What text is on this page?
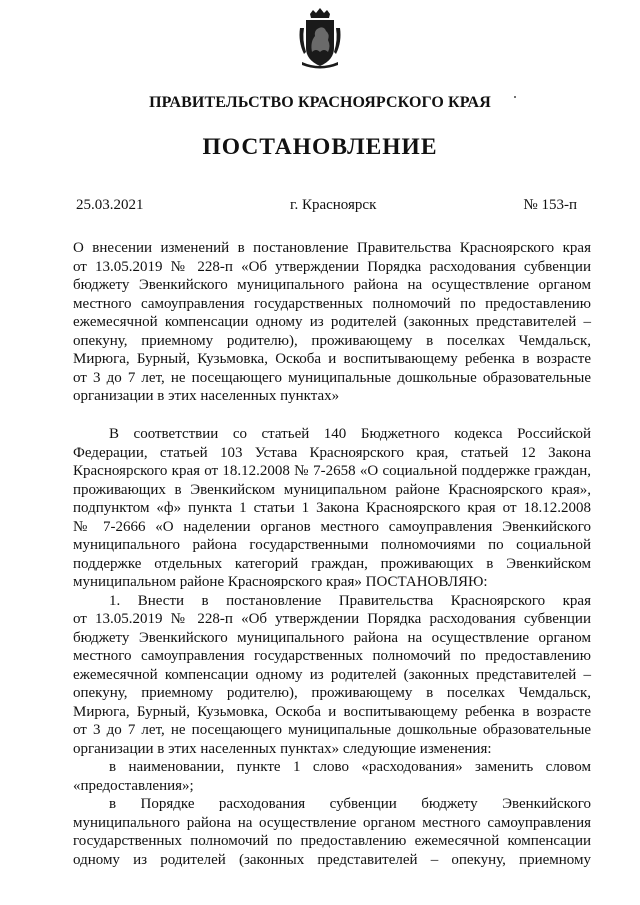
ПРАВИТЕЛЬСТВО КРАСНОЯРСКОГО КРАЯ
ПОСТАНОВЛЕНИЕ
25.03.2021	г. Красноярск	№ 153-п
О внесении изменений в постановление Правительства Красноярского края
от 13.05.2019 № 228-п «Об утверждении Порядка расходования субвенции
бюджету Эвенкийского муниципального района на осуществление органом
местного самоуправления государственных полномочий по предоставлению
ежемесячной компенсации одному из родителей (законных представителей –
опекуну, приемному родителю), проживающему в поселках Чемдальск,
Мирюга, Бурный, Кузьмовка, Оскоба и воспитывающему ребенка в возрасте
от 3 до 7 лет, не посещающего муниципальные дошкольные образовательные
организации в этих населенных пунктах»
В соответствии со статьей 140 Бюджетного кодекса Российской
Федерации, статьей 103 Устава Красноярского края, статьей 12 Закона
Красноярского края от 18.12.2008 № 7-2658 «О социальной поддержке граждан,
проживающих в Эвенкийском муниципальном районе Красноярского края»,
подпунктом «ф» пункта 1 статьи 1 Закона Красноярского края от 18.12.2008
№ 7-2666 «О наделении органов местного самоуправления Эвенкийского
муниципального района государственными полномочиями по социальной
поддержке отдельных категорий граждан, проживающих в Эвенкийском
муниципальном районе Красноярского края» ПОСТАНОВЛЯЮ:
1. Внести в постановление Правительства Красноярского края
от 13.05.2019 № 228-п «Об утверждении Порядка расходования субвенции
бюджету Эвенкийского муниципального района на осуществление органом
местного самоуправления государственных полномочий по предоставлению
ежемесячной компенсации одному из родителей (законных представителей –
опекуну, приемному родителю), проживающему в поселках Чемдальск,
Мирюга, Бурный, Кузьмовка, Оскоба и воспитывающему ребенка в возрасте
от 3 до 7 лет, не посещающего муниципальные дошкольные образовательные
организации в этих населенных пунктах» следующие изменения:
в наименовании, пункте 1 слово «расходования» заменить словом
«предоставления»;
в Порядке расходования субвенции бюджету Эвенкийского
муниципального района на осуществление органом местного самоуправления
государственных полномочий по предоставлению ежемесячной компенсации
одному из родителей (законных представителей – опекуну, приемному
